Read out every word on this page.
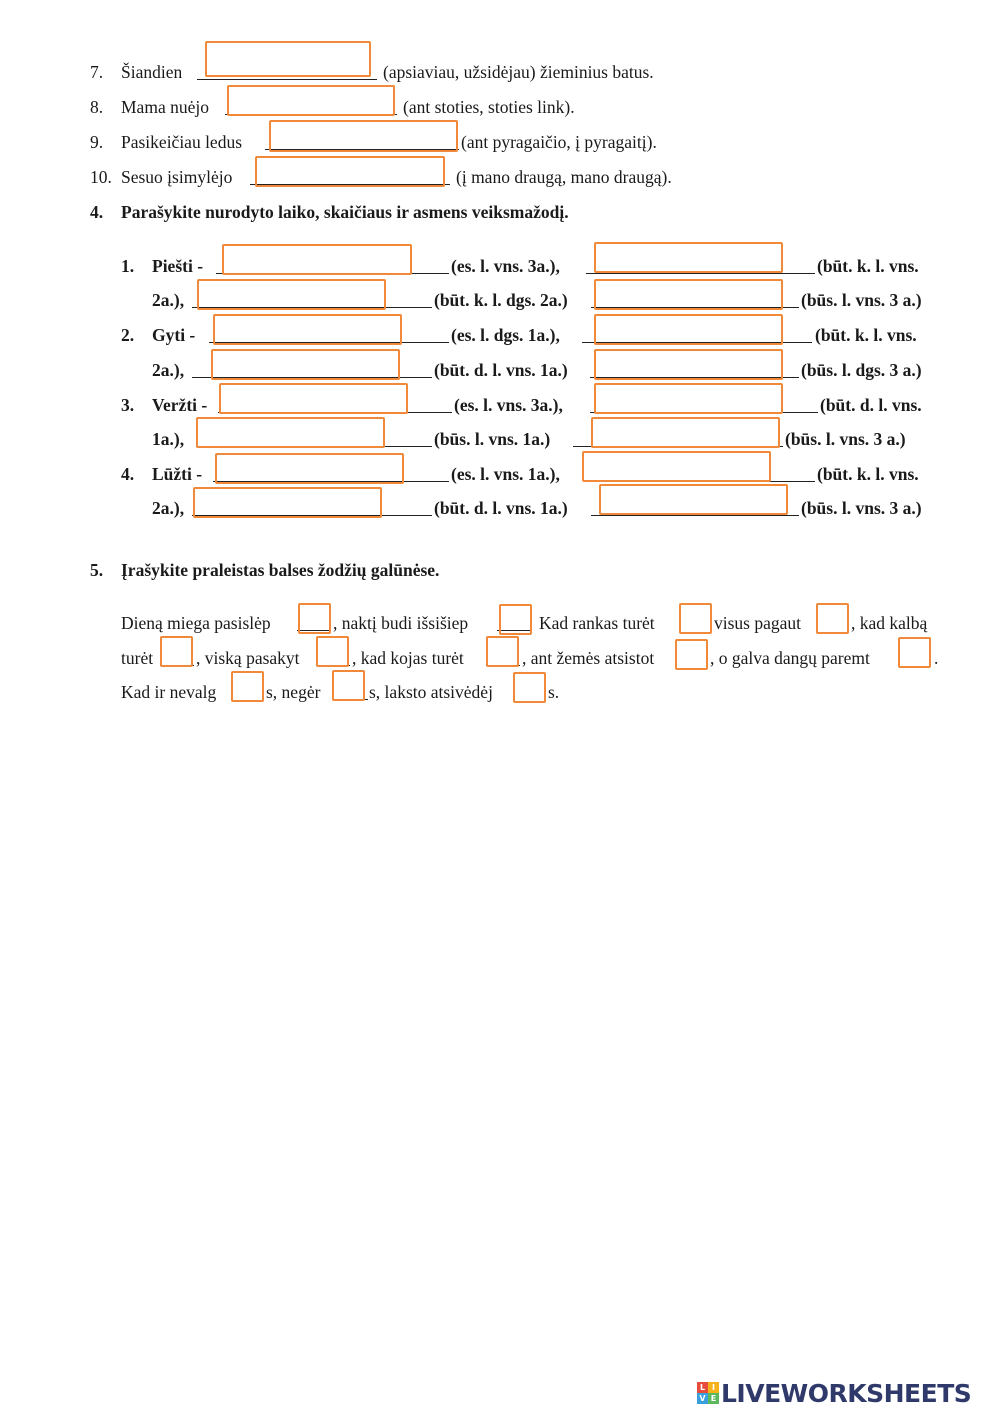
7. Šiandien	(apsiaviau, užsidėjau) žieminius batus.
8. Mama nuėjo	(ant stoties, stoties link).
9. Pasikeičiau ledus	(ant pyragaičio, į pyragaitį).
10. Sesuo įsimylėjo	(į mano draugą, mano draugą).
4. Parašykite nurodyto laiko, skaičiaus ir asmens veiksmažodį.
1. Piešti -	(es. l. vns. 3a.),	(būt. k. l. vns.
2a.),	(būt. k. l. dgs. 2a.)	(būs. l. vns. 3 a.)
2. Gyti -	(es. l. dgs. 1a.),	(būt. k. l. vns.
2a.),	(būt. d. l. vns. 1a.)	(būs. l. dgs. 3 a.)
3. Veržti -	(es. l. vns. 3a.),	(būt. d. l. vns.
1a.),	(būs. l. vns. 1a.)	(būs. l. vns. 3 a.)
4. Lūžti -	(es. l. vns. 1a.),	(būt. k. l. vns.
2a.),	(būt. d. l. vns. 1a.)	(būs. l. vns. 3 a.)
5. Įrašykite praleistas balses žodžių galūnėse.
Dieną miega pasislėp	, naktį budi išsišiep	Kad rankas turėt	visus pagaut	, kad kalbą
turėt , viską pasakyt	, kad kojas turėt	, ant žemės atsistot	, o galva dangų paremt	.
Kad ir nevalg	s, negėr	s, laksto atsivėdėj	s.
L I
V E LIVEWORKSHEETS
